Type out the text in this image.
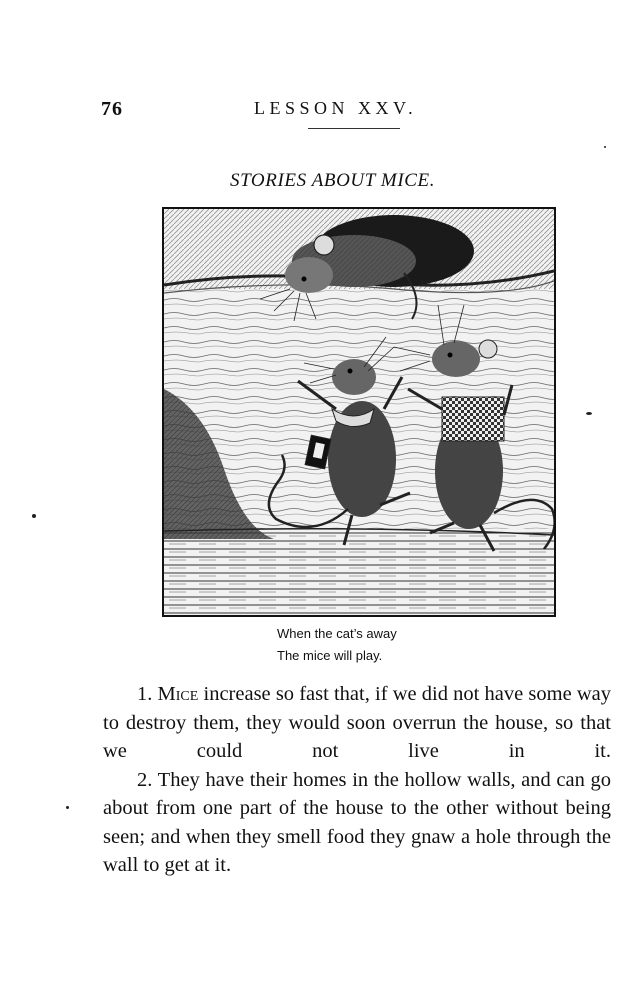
76	LESSON XXV.
STORIES ABOUT MICE.
When the cat’s away
The mice will play.

1. Mice increase so fast that, if we did not have some way to destroy them, they would soon overrun the house, so that we could not live in it.

2. They have their homes in the hollow walls, and can go about from one part of the house to the other without being seen; and when they smell food they gnaw a hole through the wall to get at it.
